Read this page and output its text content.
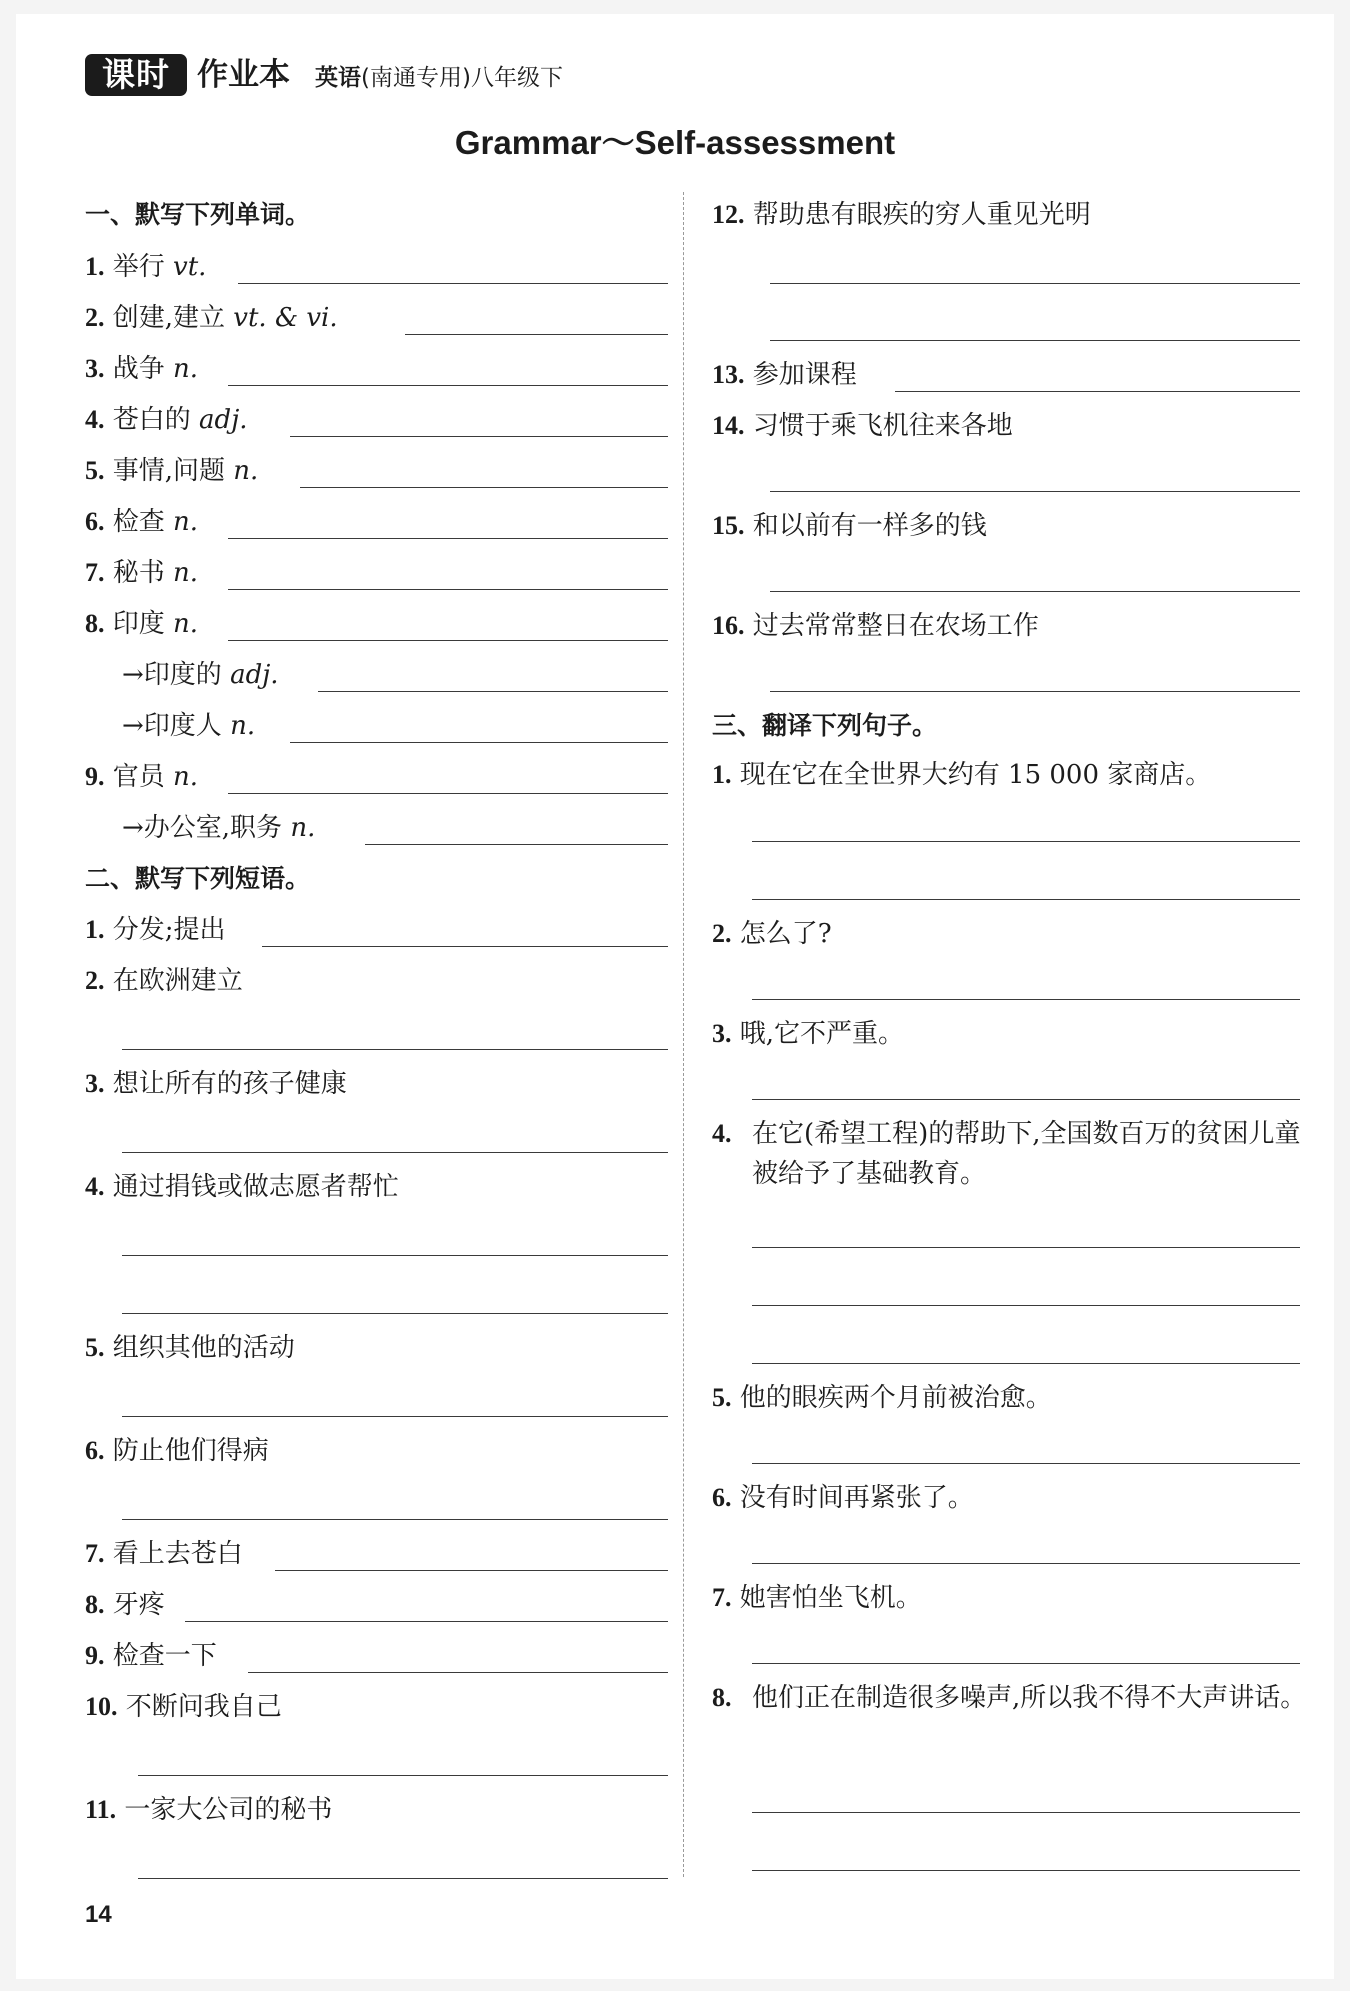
课时 作业本 英语(南通专用)八年级下
Grammar～Self-assessment
一、默写下列单词。
1. 举行 vt.
2. 创建,建立 vt. & vi.
3. 战争 n.
4. 苍白的 adj.
5. 事情,问题 n.
6. 检查 n.
7. 秘书 n.
8. 印度 n.
→印度的 adj.
→印度人 n.
9. 官员 n.
→办公室,职务 n.
二、默写下列短语。
1. 分发;提出
2. 在欧洲建立
3. 想让所有的孩子健康
4. 通过捐钱或做志愿者帮忙
5. 组织其他的活动
6. 防止他们得病
7. 看上去苍白
8. 牙疼
9. 检查一下
10. 不断问我自己
11. 一家大公司的秘书
12. 帮助患有眼疾的穷人重见光明
13. 参加课程
14. 习惯于乘飞机往来各地
15. 和以前有一样多的钱
16. 过去常常整日在农场工作
三、翻译下列句子。
1. 现在它在全世界大约有 15 000 家商店。
2. 怎么了?
3. 哦,它不严重。
4. 在它(希望工程)的帮助下,全国数百万的贫困儿童被给予了基础教育。
5. 他的眼疾两个月前被治愈。
6. 没有时间再紧张了。
7. 她害怕坐飞机。
8. 他们正在制造很多噪声,所以我不得不大声讲话。
14
